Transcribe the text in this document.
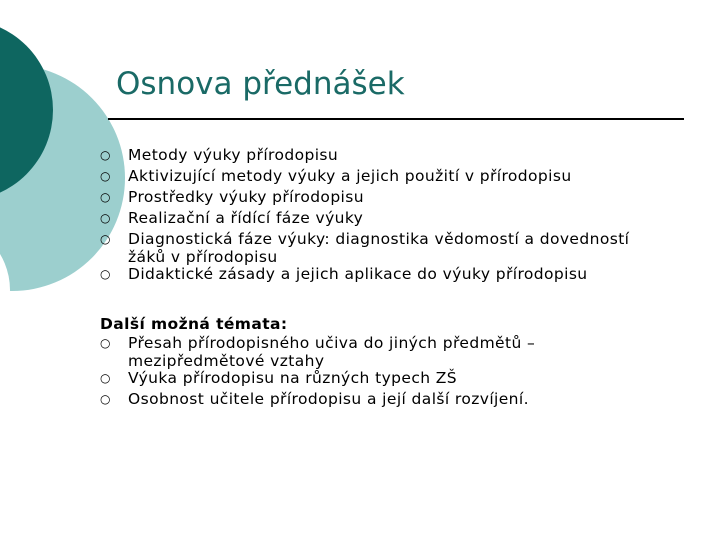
Osnova přednášek
○	Metody výuky přírodopisu
○	Aktivizující metody výuky a jejich použití v přírodopisu
○	Prostředky výuky přírodopisu
○	Realizační a řídící fáze výuky
○	Diagnostická fáze výuky: diagnostika vědomostí a dovedností
žáků v přírodopisu
○	Didaktické zásady a jejich aplikace do výuky přírodopisu
Další možná témata:
○	Přesah přírodopisného učiva do jiných předmětů –
mezipředmětové vztahy
○	Výuka přírodopisu na různých typech ZŠ
○	Osobnost učitele přírodopisu a její další rozvíjení.
